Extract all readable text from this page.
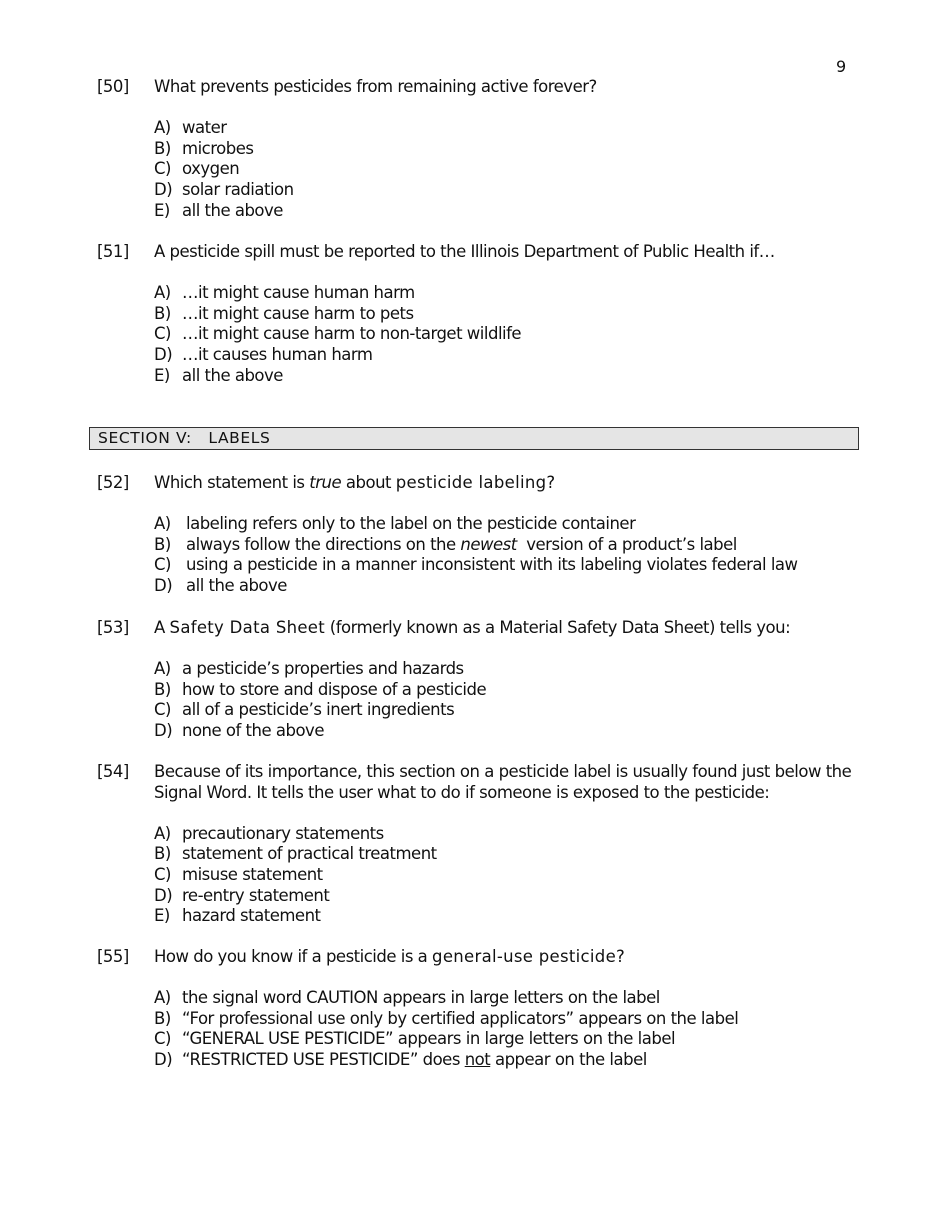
9
[50] What prevents pesticides from remaining active forever?
A) water
B) microbes
C) oxygen
D) solar radiation
E) all the above
[51] A pesticide spill must be reported to the Illinois Department of Public Health if…
A) …it might cause human harm
B) …it might cause harm to pets
C) …it might cause harm to non-target wildlife
D) …it causes human harm
E) all the above
SECTION V:   LABELS
[52] Which statement is true about pesticide labeling?
A) labeling refers only to the label on the pesticide container
B) always follow the directions on the newest  version of a product’s label
C) using a pesticide in a manner inconsistent with its labeling violates federal law
D) all the above
[53] A Safety Data Sheet (formerly known as a Material Safety Data Sheet) tells you:
A) a pesticide’s properties and hazards
B) how to store and dispose of a pesticide
C) all of a pesticide’s inert ingredients
D) none of the above
[54] Because of its importance, this section on a pesticide label is usually found just below the Signal Word. It tells the user what to do if someone is exposed to the pesticide:
A) precautionary statements
B) statement of practical treatment
C) misuse statement
D) re-entry statement
E) hazard statement
[55] How do you know if a pesticide is a general-use pesticide?
A) the signal word CAUTION appears in large letters on the label
B) “For professional use only by certified applicators” appears on the label
C) “GENERAL USE PESTICIDE” appears in large letters on the label
D) “RESTRICTED USE PESTICIDE” does not appear on the label
